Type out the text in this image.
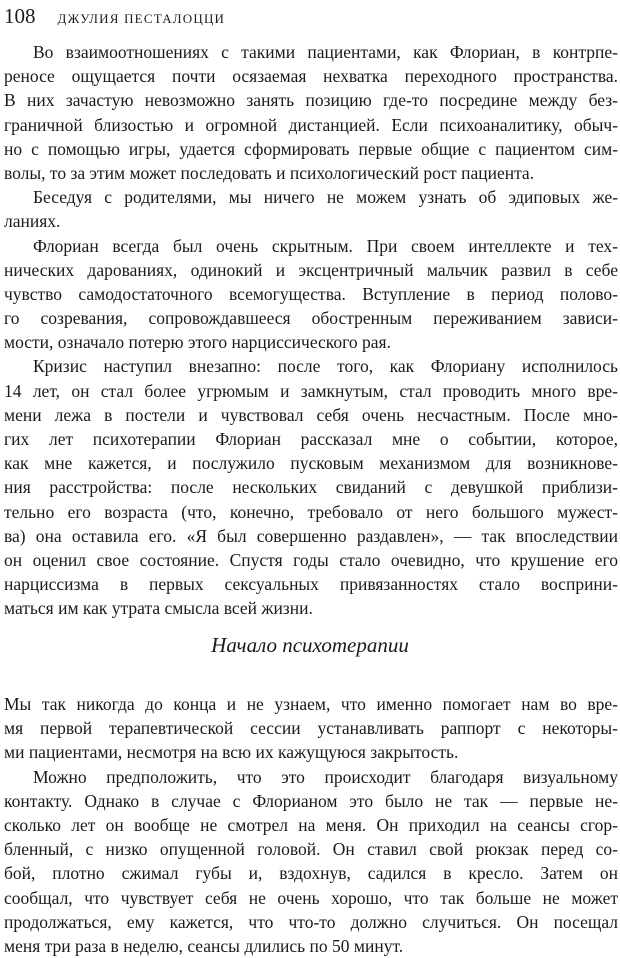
108 ДЖУЛИЯ ПЕСТАЛОЦЦИ
Во взаимоотношениях с такими пациентами, как Флориан, в контрпе-
реносе ощущается почти осязаемая нехватка переходного пространства.
В них зачастую невозможно занять позицию где-то посредине между без-
граничной близостью и огромной дистанцией. Если психоаналитику, обыч-
но с помощью игры, удается сформировать первые общие с пациентом сим-
волы, то за этим может последовать и психологический рост пациента.
Беседуя с родителями, мы ничего не можем узнать об эдиповых же-
ланиях.
Флориан всегда был очень скрытным. При своем интеллекте и тех-
нических дарованиях, одинокий и эксцентричный мальчик развил в себе
чувство самодостаточного всемогущества. Вступление в период полово-
го созревания, сопровождавшееся обостренным переживанием зависи-
мости, означало потерю этого нарциссического рая.
Кризис наступил внезапно: после того, как Флориану исполнилось
14 лет, он стал более угрюмым и замкнутым, стал проводить много вре-
мени лежа в постели и чувствовал себя очень несчастным. После мно-
гих лет психотерапии Флориан рассказал мне о событии, которое,
как мне кажется, и послужило пусковым механизмом для возникнове-
ния расстройства: после нескольких свиданий с девушкой приблизи-
тельно его возраста (что, конечно, требовало от него большого мужест-
ва) она оставила его. «Я был совершенно раздавлен», — так впоследствии
он оценил свое состояние. Спустя годы стало очевидно, что крушение его
нарциссизма в первых сексуальных привязанностях стало восприни-
маться им как утрата смысла всей жизни.
Начало психотерапии
Мы так никогда до конца и не узнаем, что именно помогает нам во вре-
мя первой терапевтической сессии устанавливать раппорт с некоторы-
ми пациентами, несмотря на всю их кажущуюся закрытость.
Можно предположить, что это происходит благодаря визуальному
контакту. Однако в случае с Флорианом это было не так — первые не-
сколько лет он вообще не смотрел на меня. Он приходил на сеансы сгор-
бленный, с низко опущенной головой. Он ставил свой рюкзак перед со-
бой, плотно сжимал губы и, вздохнув, садился в кресло. Затем он
сообщал, что чувствует себя не очень хорошо, что так больше не может
продолжаться, ему кажется, что что-то должно случиться. Он посещал
меня три раза в неделю, сеансы длились по 50 минут.
